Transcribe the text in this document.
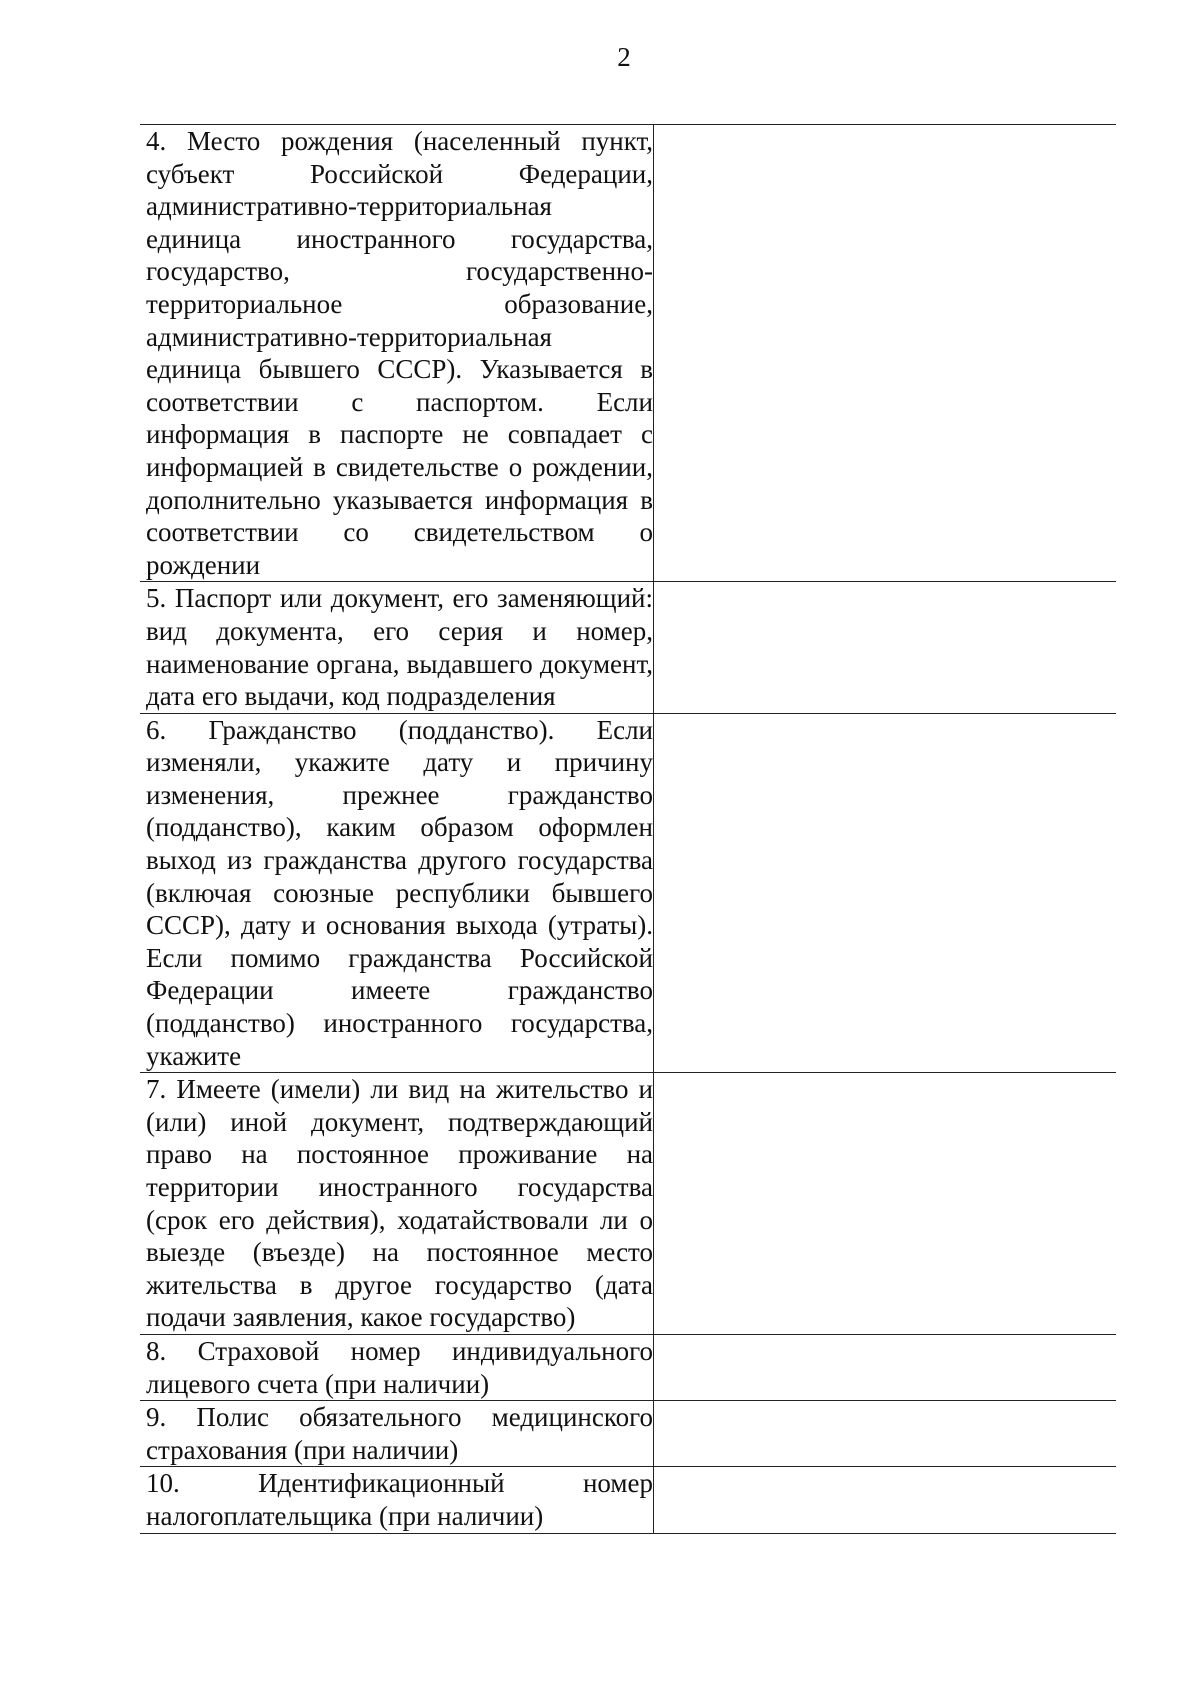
2
4. Место рождения (населенный пункт, субъект Российской Федерации, административно-территориальная единица иностранного государства, государство, государственно-территориальное образование, административно-территориальная единица бывшего СССР). Указывается в соответствии с паспортом. Если информация в паспорте не совпадает с информацией в свидетельстве о рождении, дополнительно указывается информация в соответствии со свидетельством о рождении
5. Паспорт или документ, его заменяющий: вид документа, его серия и номер, наименование органа, выдавшего документ, дата его выдачи, код подразделения
6. Гражданство (подданство). Если изменяли, укажите дату и причину изменения, прежнее гражданство (подданство), каким образом оформлен выход из гражданства другого государства (включая союзные республики бывшего СССР), дату и основания выхода (утраты). Если помимо гражданства Российской Федерации имеете гражданство (подданство) иностранного государства, укажите
7. Имеете (имели) ли вид на жительство и (или) иной документ, подтверждающий право на постоянное проживание на территории иностранного государства (срок его действия), ходатайствовали ли о выезде (въезде) на постоянное место жительства в другое государство (дата подачи заявления, какое государство)
8. Страховой номер индивидуального лицевого счета (при наличии)
9. Полис обязательного медицинского страхования (при наличии)
10. Идентификационный номер налогоплательщика (при наличии)
